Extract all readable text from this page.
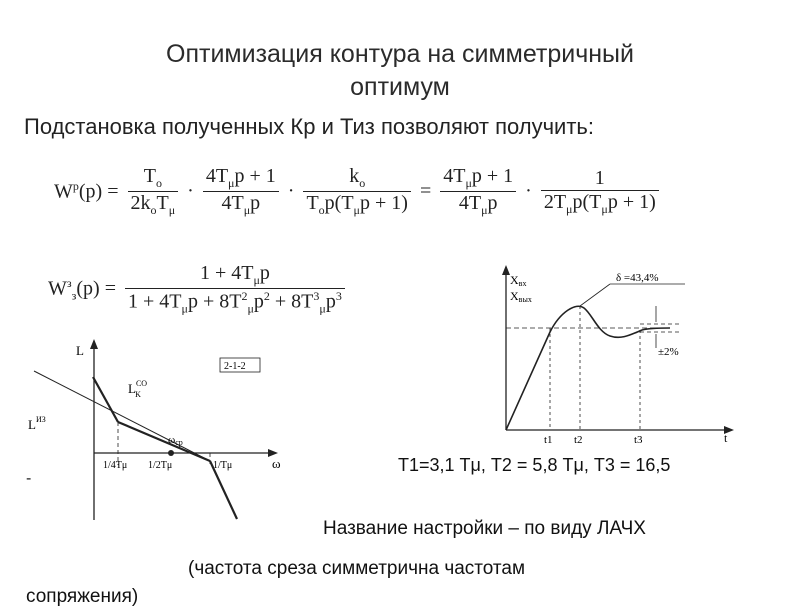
Оптимизация контура на симметричный
оптимум
Подстановка полученных Кр и Тиз позволяют получить:
$W^p(p) = \frac{T_o}{2k_oT_\mu} \cdot \frac{4T_\mu p + 1}{4T_\mu p} \cdot \frac{k_o}{T_op(T_\mu p + 1)} = \frac{4T_\mu p + 1}{4T_\mu p} \cdot \frac{1}{2T_\mu p(T_\mu p + 1)}$
$W^з_з(p) = \frac{1 + 4T_\mu p}{1 + 4T_\mu p + 8T^2_\mu p^2 + 8T^3_\mu p^3}$
L
ω
1/4Tμ 1/2Tμ	1/Tμ
ωср
$L^{CO}$ K
$L^{ИЗ}$
2-1-2
Xвх
Xвых
t
δ =43,4%
±2%
t1 t2	t3
Т1=3,1 Тμ, Т2 = 5,8 Тμ, Т3 = 16,5
-
Название настройки – по виду ЛАЧХ
(частота среза симметрична частотам
сопряжения)
